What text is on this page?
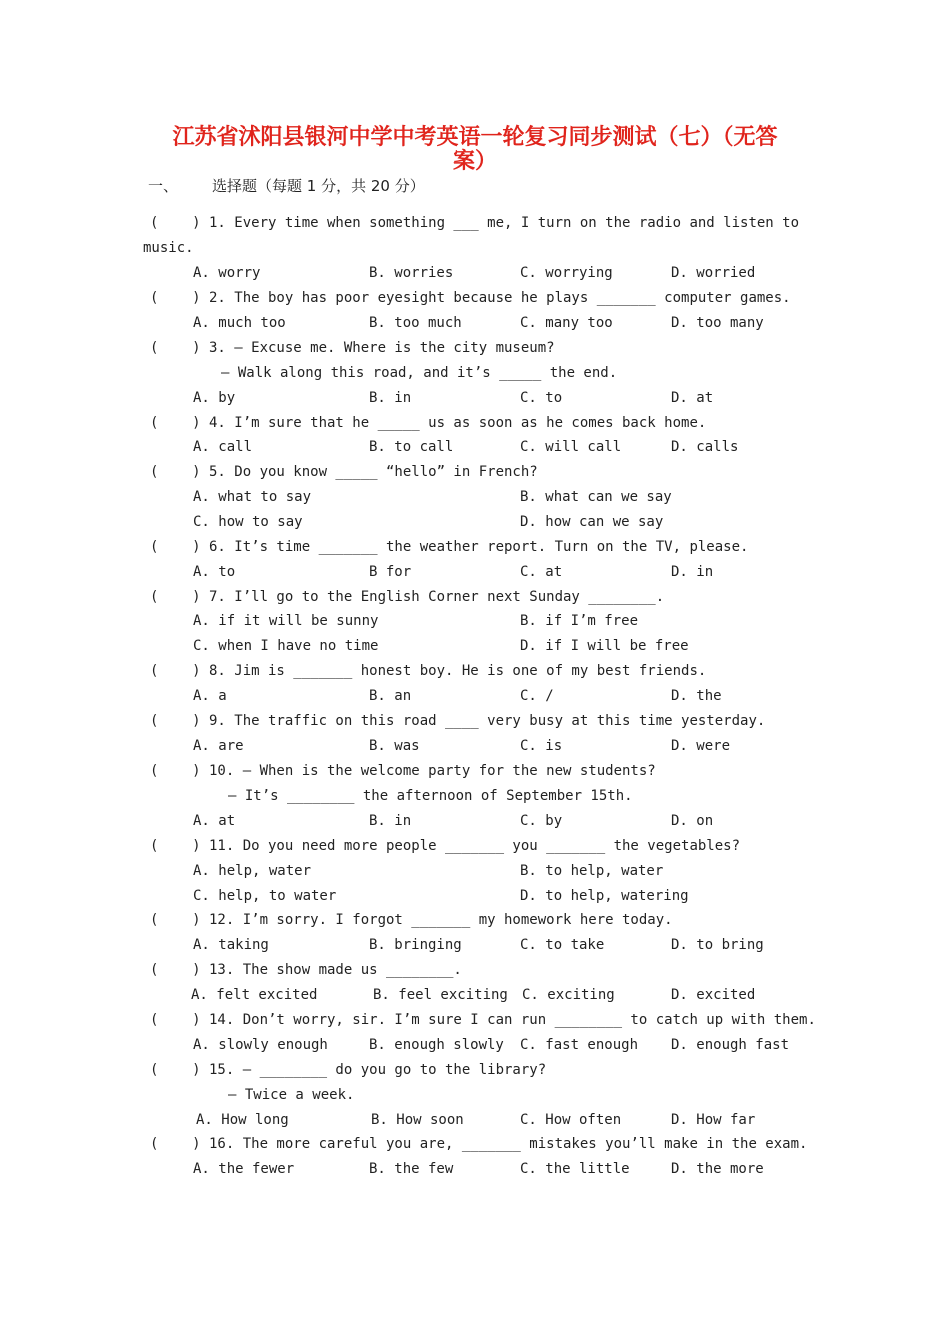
江苏省沭阳县银河中学中考英语一轮复习同步测试（七）（无答
案）
一、 选择题（每题 1 分，共 20 分）
(    ) 1. Every time when something ___ me, I turn on the radio and listen to
music.
A. worry	B. worries	C. worrying	D. worried
(    ) 2. The boy has poor eyesight because he plays _______ computer games.
A. much too	B. too much	C. many too	D. too many
(    ) 3. — Excuse me. Where is the city museum?
— Walk along this road, and it’s _____ the end.
A. by	B. in	C. to	D. at
(    ) 4. I’m sure that he _____ us as soon as he comes back home.
A. call	B. to call	C. will call	D. calls
(    ) 5. Do you know _____ “hello” in French?
A. what to say	B. what can we say
C. how to say	D. how can we say
(    ) 6. It’s time _______ the weather report. Turn on the TV, please.
A. to	B for	C. at	D. in
(    ) 7. I’ll go to the English Corner next Sunday ________.
A. if it will be sunny	B. if I’m free
C. when I have no time	D. if I will be free
(    ) 8. Jim is _______ honest boy. He is one of my best friends.
A. a	B. an	C. /	D. the
(    ) 9. The traffic on this road ____ very busy at this time yesterday.
A. are	B. was	C. is	D. were
(    ) 10. — When is the welcome party for the new students?
— It’s ________ the afternoon of September 15th.
A. at	B. in	C. by	D. on
(    ) 11. Do you need more people _______ you _______ the vegetables?
A. help, water	B. to help, water
C. help, to water	D. to help, watering
(    ) 12. I’m sorry. I forgot _______ my homework here today.
A. taking	B. bringing	C. to take	D. to bring
(    ) 13. The show made us ________.
A. felt excited	B. feel exciting C. exciting	D. excited
(    ) 14. Don’t worry, sir. I’m sure I can run ________ to catch up with them.
A. slowly enough	B. enough slowly C. fast enough D. enough fast
(    ) 15. — ________ do you go to the library?
— Twice a week.
A. How long	B. How soon	C. How often	D. How far
(    ) 16. The more careful you are, _______ mistakes you’ll make in the exam.
A. the fewer	B. the few	C. the little	D. the more
